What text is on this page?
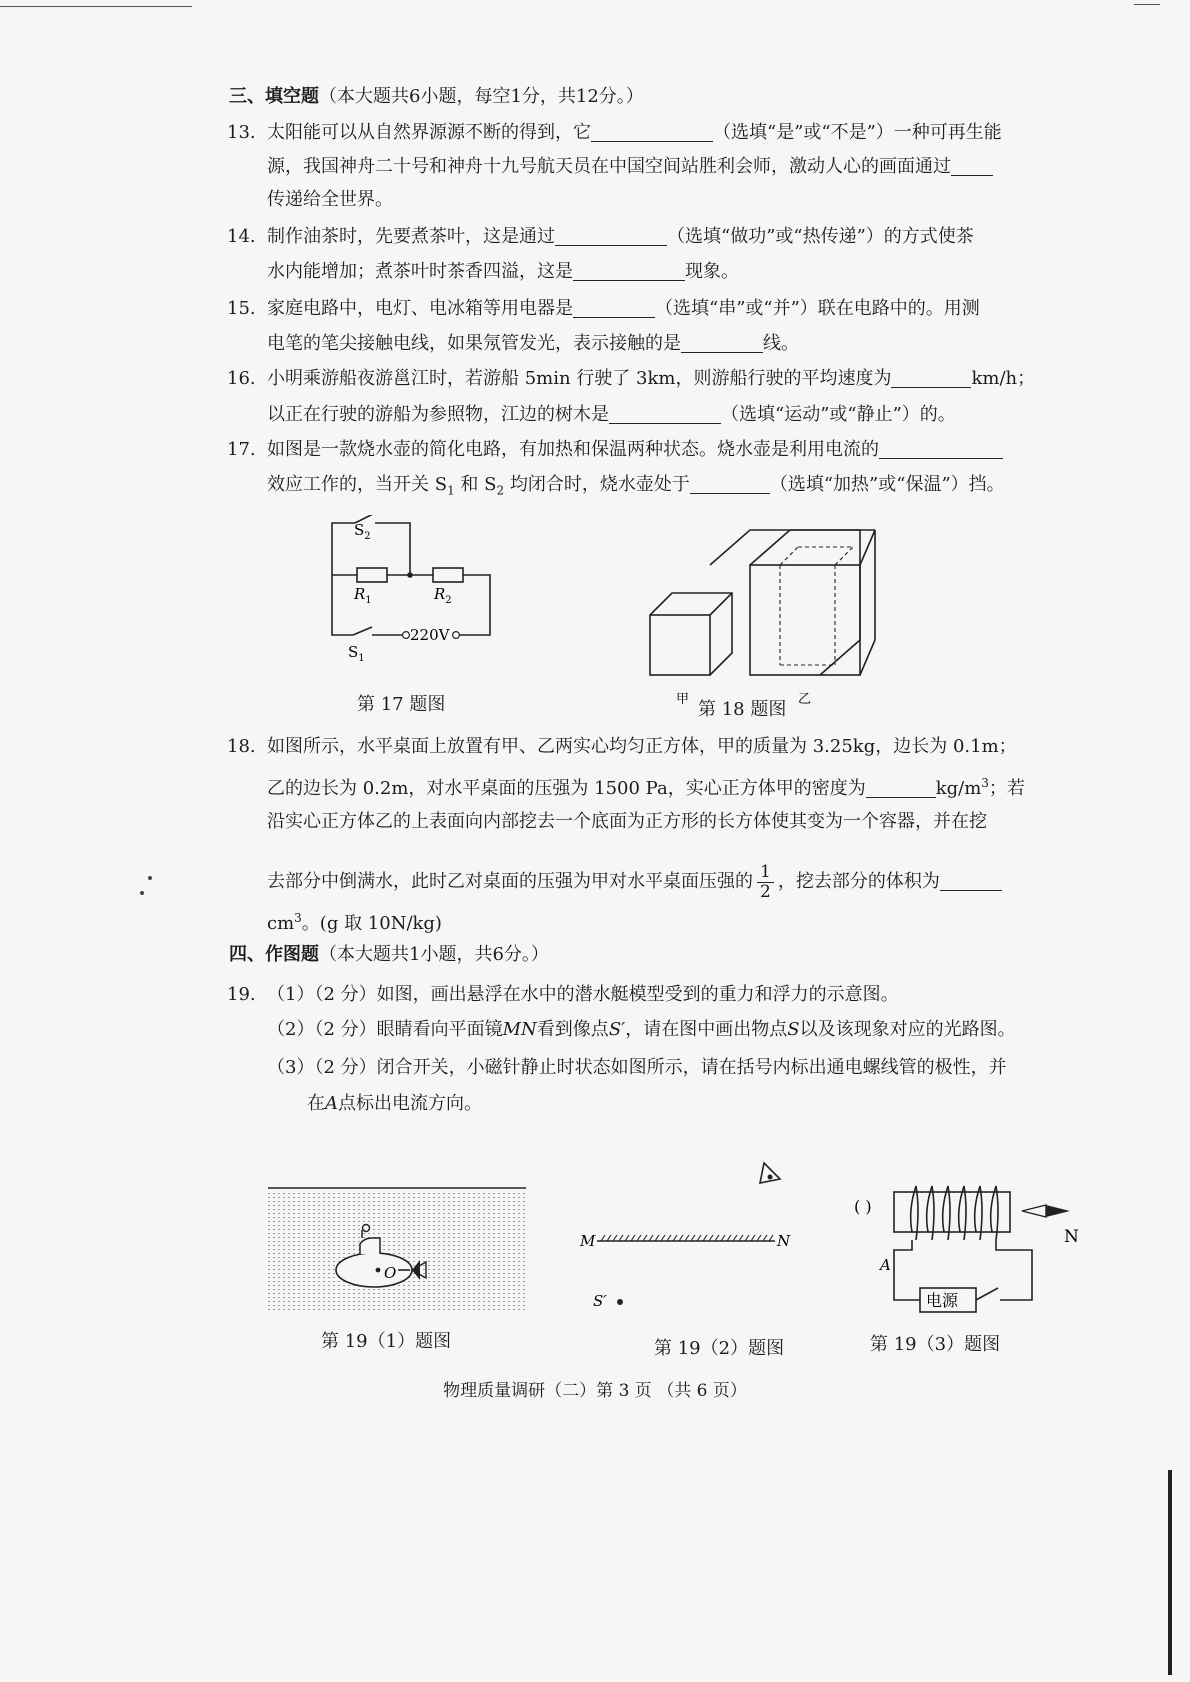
三、填空题（本大题共6小题，每空1分，共12分。）
13. 太阳能可以从自然界源源不断的得到，它	（选填“是”或“不是”）一种可再生能
源，我国神舟二十号和神舟十九号航天员在中国空间站胜利会师，激动人心的画面通过
传递给全世界。
14. 制作油茶时，先要煮茶叶，这是通过	（选填“做功”或“热传递”）的方式使茶
水内能增加；煮茶叶时茶香四溢，这是	现象。
15. 家庭电路中，电灯、电冰箱等用电器是	（选填“串”或“并”）联在电路中的。用测
电笔的笔尖接触电线，如果氖管发光，表示接触的是	线。
16. 小明乘游船夜游邕江时，若游船 5min 行驶了 3km，则游船行驶的平均速度为	km/h；
以正在行驶的游船为参照物，江边的树木是	（选填“运动”或“静止”）的。
17. 如图是一款烧水壶的简化电路，有加热和保温两种状态。烧水壶是利用电流的
效应工作的，当开关 $S_1$ 和 $S_2$ 均闭合时，烧水壶处于	（选填“加热”或“保温”）挡。
$S_2$
$R_1$	$R_2$
$S_1$
220V
第 17 题图	甲	乙
第 18 题图
18. 如图所示，水平桌面上放置有甲、乙两实心均匀正方体，甲的质量为 3.25kg，边长为 0.1m；
乙的边长为 0.2m，对水平桌面的压强为 1500 Pa，实心正方体甲的密度为	$kg/m^3$；若
沿实心正方体乙的上表面向内部挖去一个底面为正方形的长方体使其变为一个容器，并在挖
去部分中倒满水，此时乙对桌面的压强为甲对水平桌面压强的 $\frac{1}{2}$ ，挖去部分的体积为
$cm^3$。(g 取 10N/kg)
四、作图题（本大题共1小题，共6分。）
19. （1）（2 分）如图，画出悬浮在水中的潜水艇模型受到的重力和浮力的示意图。
（2）（2 分）眼睛看向平面镜MN看到像点S′，请在图中画出物点S以及该现象对应的光路图。
（3）（2 分）闭合开关，小磁针静止时状态如图所示，请在括号内标出通电螺线管的极性，并
在A点标出电流方向。
O
第 19（1）题图
M	N
S′
第 19（2）题图
( )
N
电源
A
第 19（3）题图
物理质量调研（二）第 3 页 （共 6 页）
